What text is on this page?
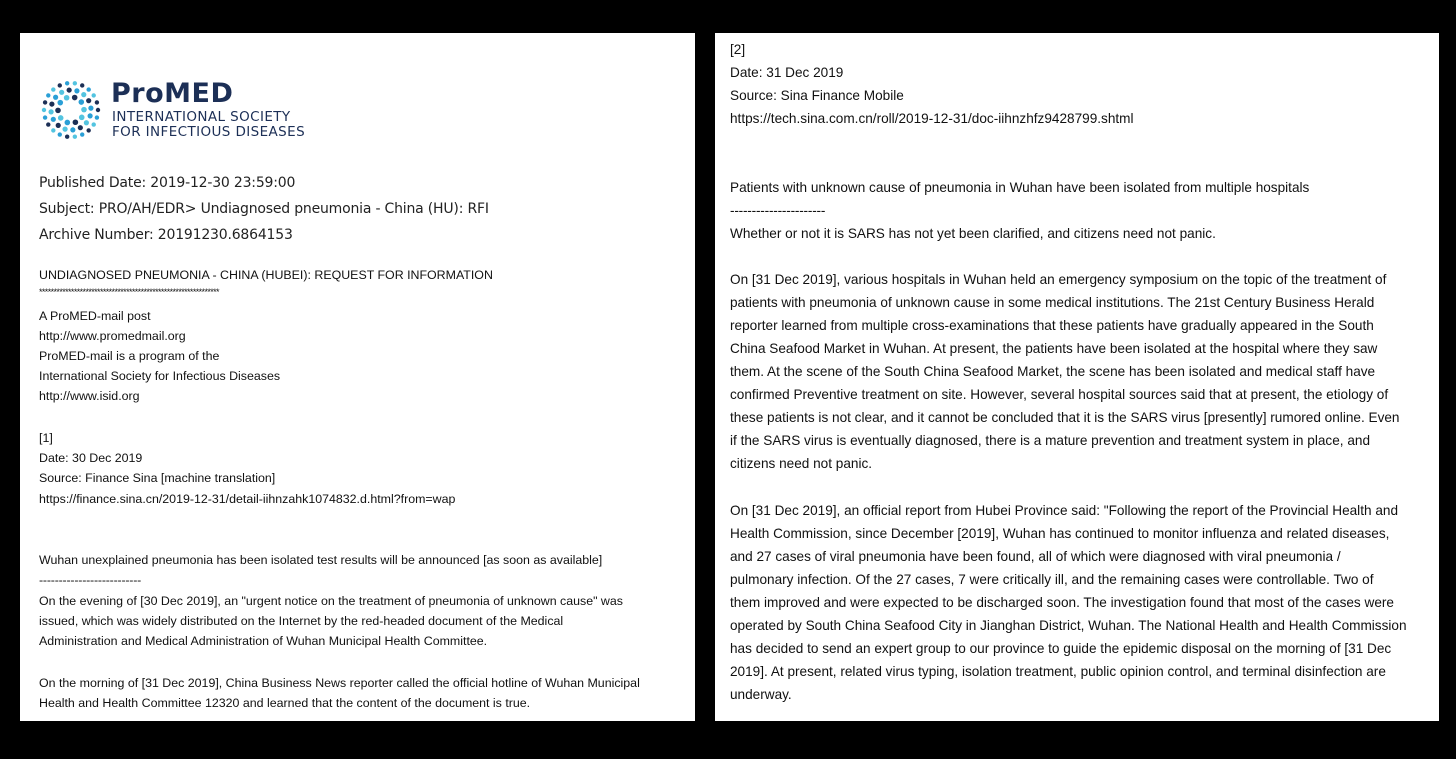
ProMED
INTERNATIONAL SOCIETY
FOR INFECTIOUS DISEASES
Published Date: 2019-12-30 23:59:00
Subject: PRO/AH/EDR> Undiagnosed pneumonia - China (HU): RFI
Archive Number: 20191230.6864153
UNDIAGNOSED PNEUMONIA - CHINA (HUBEI): REQUEST FOR INFORMATION
**************************************************************
A ProMED-mail post
http://www.promedmail.org
ProMED-mail is a program of the
International Society for Infectious Diseases
http://www.isid.org
[1]
Date: 30 Dec 2019
Source: Finance Sina [machine translation]
https://finance.sina.cn/2019-12-31/detail-iihnzahk1074832.d.html?from=wap
Wuhan unexplained pneumonia has been isolated test results will be announced [as soon as available]
--------------------------
On the evening of [30 Dec 2019], an "urgent notice on the treatment of pneumonia of unknown cause" was
issued, which was widely distributed on the Internet by the red-headed document of the Medical
Administration and Medical Administration of Wuhan Municipal Health Committee.
On the morning of [31 Dec 2019], China Business News reporter called the official hotline of Wuhan Municipal
Health and Health Committee 12320 and learned that the content of the document is true.
[2]
Date: 31 Dec 2019
Source: Sina Finance Mobile
https://tech.sina.com.cn/roll/2019-12-31/doc-iihnzhfz9428799.shtml
Patients with unknown cause of pneumonia in Wuhan have been isolated from multiple hospitals
----------------------
Whether or not it is SARS has not yet been clarified, and citizens need not panic.
On [31 Dec 2019], various hospitals in Wuhan held an emergency symposium on the topic of the treatment of
patients with pneumonia of unknown cause in some medical institutions. The 21st Century Business Herald
reporter learned from multiple cross-examinations that these patients have gradually appeared in the South
China Seafood Market in Wuhan. At present, the patients have been isolated at the hospital where they saw
them. At the scene of the South China Seafood Market, the scene has been isolated and medical staff have
confirmed Preventive treatment on site. However, several hospital sources said that at present, the etiology of
these patients is not clear, and it cannot be concluded that it is the SARS virus [presently] rumored online. Even
if the SARS virus is eventually diagnosed, there is a mature prevention and treatment system in place, and
citizens need not panic.
On [31 Dec 2019], an official report from Hubei Province said: "Following the report of the Provincial Health and
Health Commission, since December [2019], Wuhan has continued to monitor influenza and related diseases,
and 27 cases of viral pneumonia have been found, all of which were diagnosed with viral pneumonia /
pulmonary infection. Of the 27 cases, 7 were critically ill, and the remaining cases were controllable. Two of
them improved and were expected to be discharged soon. The investigation found that most of the cases were
operated by South China Seafood City in Jianghan District, Wuhan. The National Health and Health Commission
has decided to send an expert group to our province to guide the epidemic disposal on the morning of [31 Dec
2019]. At present, related virus typing, isolation treatment, public opinion control, and terminal disinfection are
underway.
